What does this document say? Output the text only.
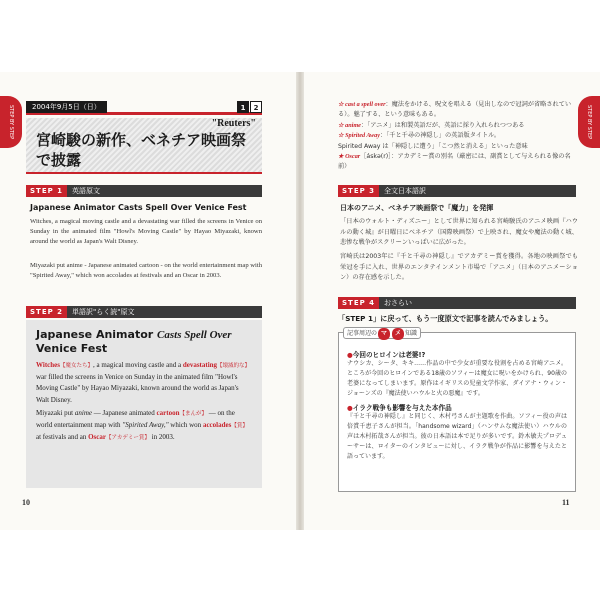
STEP BY STEP	STEP BY STEP
2004年9月5日（日）	1	2
"Reuters"
宮崎駿の新作、ベネチア映画祭で披露
STEP 1 英語原文
Japanese Animator Casts Spell Over Venice Fest

Witches, a magical moving castle and a devastating war filled the screens in Venice on Sunday in the animated film "Howl's Moving Castle" by Hayao Miyazaki, known around the world as Japan's Walt Disney.

Miyazaki put anime - Japanese animated cartoon - on the world entertainment map with "Spirited Away," which won accolades at festivals and an Oscar in 2003.

STEP 2 単語訳"らく読"原文
Japanese Animator Casts Spell Over Venice Fest

Witches【魔女たち】, a magical moving castle and a devastating【壊滅的な】 war filled the screens in Venice on Sunday in the animated film "Howl's Moving Castle" by Hayao Miyazaki, known around the world as Japan's Walt Disney.

Miyazaki put anime — Japanese animated cartoon【まんが】 — on the world entertainment map with "Spirited Away," which won accolades【賞】 at festivals and an Oscar【アカデミー賞】 in 2003.

10
☆ cast a spell over：魔法をかける、呪文を唱える（見出しなので冠詞が省略されている）。魅了する、という意味もある。
☆ anime：「アニメ」は和製英語だが、英語に採り入れられつつある
☆ Spirited Away：「千と千尋の神隠し」の英語版タイトル。
Spirited Away は「神隠しに遭う」「こつ然と消える」といった意味
★ Oscar［áskə(r)］：アカデミー賞の別名（厳密には、副賞として与えられる像の名前）
STEP 3 全文日本語訳
日本のアニメ、ベネチア映画祭で「魔力」を発揮

「日本のウォルト・ディズニー」として世界に知られる宮崎駿氏のアニメ映画『ハウルの動く城』が日曜日にベネチア（国際映画祭）で上映され、魔女や魔法の動く城、悲惨な戦争がスクリーンいっぱいに広がった。

宮崎氏は2003年に『千と千尋の神隠し』でアカデミー賞を獲得。各地の映画祭でも栄冠を手に入れ、世界のエンタテインメント市場で「アニメ」（日本のアニメーション）の存在感を示した。

STEP 4 おさらい
「STEP 1」に戻って、もう一度原文で記事を読んでみましょう。
記事周辺の マ メ 知識
●今回のヒロインは老婆!?

ナウシカ、シータ、キキ……作品の中で少女が重要な役割を占める宮崎アニメ。ところが今回のヒロインである18歳のソフィーは魔女に呪いをかけられ、90歳の老婆になってしまいます。原作はイギリスの児童文学作家、ダイアナ・ウィン・ジョーンズの『魔法使いハウルと火の悪魔』です。

●イラク戦争も影響を与えた本作品

『千と千尋の神隠し』と同じく、木村弓さんが主題歌を作曲。ソフィー役の声は倍賞千恵子さんが担当。「handsome wizard」（ハンサムな魔法使い）ハウルの声は木村拓哉さんが担当。彼の日本語は本で足りが多いです。鈴木敏夫プロデューサーは、ロイターのインタビューに対し、イラク戦争が作品に影響を与えたと語っています。

11
